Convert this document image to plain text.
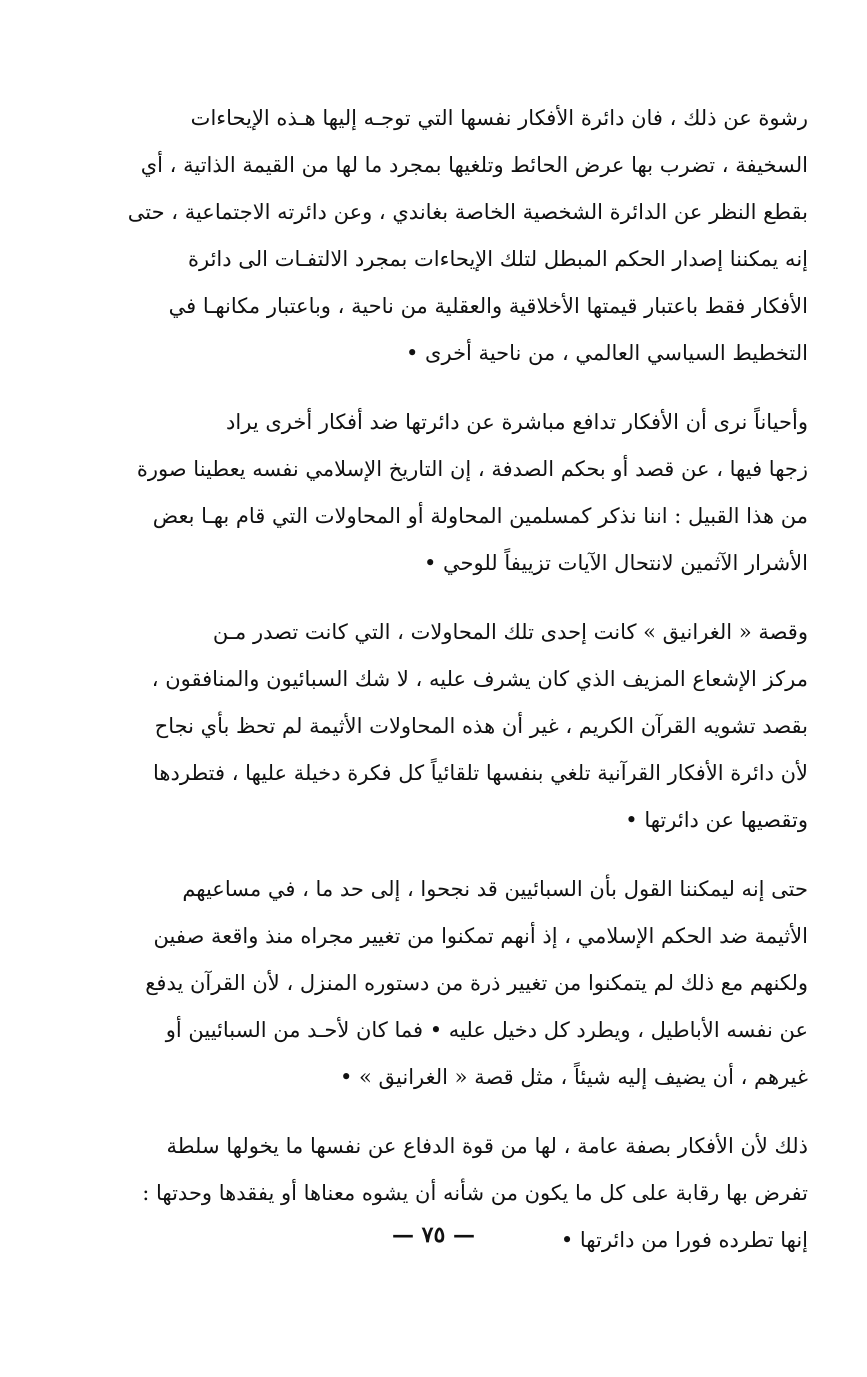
رشوة عن ذلك ، فان دائرة الأفكار نفسها التي توجـه إليها هـذه الإيحاءات
السخيفة ، تضرب بها عرض الحائط وتلغيها بمجرد ما لها من القيمة الذاتية ، أي
بقطع النظر عن الدائرة الشخصية الخاصة بغاندي ، وعن دائرته الاجتماعية ، حتى
إنه يمكننا إصدار الحكم المبطل لتلك الإيحاءات بمجرد الالتفـات الى دائرة
الأفكار فقط باعتبار قيمتها الأخلاقية والعقلية من ناحية ، وباعتبار مكانهـا في
التخطيط السياسي العالمي ، من ناحية أخرى •
وأحياناً نرى أن الأفكار تدافع مباشرة عن دائرتها ضد أفكار أخرى يراد
زجها فيها ، عن قصد أو بحكم الصدفة ، إن التاريخ الإسلامي نفسه يعطينا صورة
من هذا القبيل : اننا نذكر كمسلمين المحاولة أو المحاولات التي قام بهـا بعض
الأشرار الآثمين لانتحال الآيات تزييفاً للوحي •
وقصة « الغرانيق » كانت إحدى تلك المحاولات ، التي كانت تصدر مـن
مركز الإشعاع المزيف الذي كان يشرف عليه ، لا شك السبائيون والمنافقون ،
بقصد تشويه القرآن الكريم ، غير أن هذه المحاولات الأثيمة لم تحظ بأي نجاح
لأن دائرة الأفكار القرآنية تلغي بنفسها تلقائياً كل فكرة دخيلة عليها ، فتطردها
وتقصيها عن دائرتها •
حتى إنه ليمكننا القول بأن السبائيين قد نجحوا ، إلى حد ما ، في مساعيهم
الأثيمة ضد الحكم الإسلامي ، إذ أنهم تمكنوا من تغيير مجراه منذ واقعة صفين
ولكنهم مع ذلك لم يتمكنوا من تغيير ذرة من دستوره المنزل ، لأن القرآن يدفع
عن نفسه الأباطيل ، ويطرد كل دخيل عليه • فما كان لأحـد من السبائيين أو
غيرهم ، أن يضيف إليه شيئاً ، مثل قصة « الغرانيق » •
ذلك لأن الأفكار بصفة عامة ، لها من قوة الدفاع عن نفسها ما يخولها سلطة
تفرض بها رقابة على كل ما يكون من شأنه أن يشوه معناها أو يفقدها وحدتها :
إنها تطرده فورا من دائرتها •
— ٧٥ —
